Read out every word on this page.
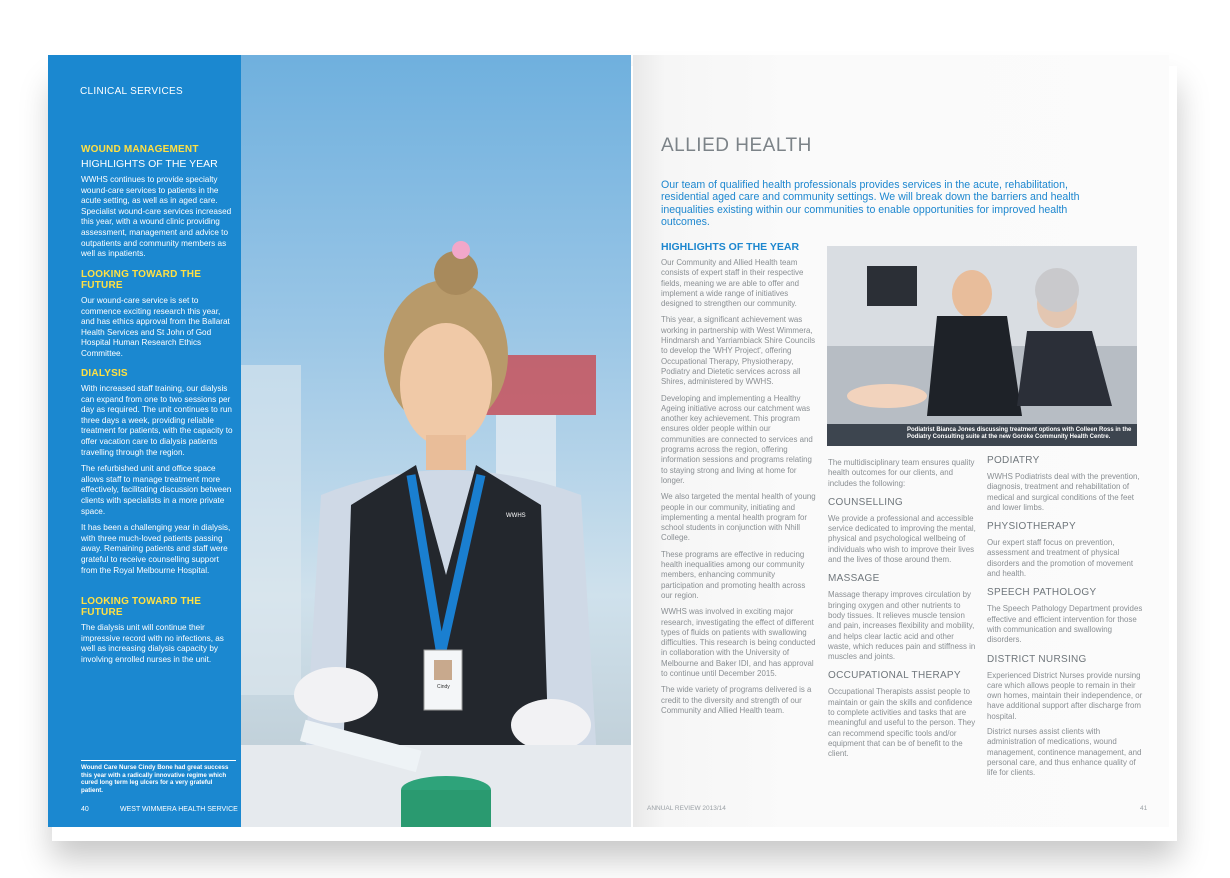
WWHS
Cindy
CLINICAL SERVICES

WOUND MANAGEMENT

HIGHLIGHTS OF THE YEAR

WWHS continues to provide specialty wound-care services to patients in the acute setting, as well as in aged care. Specialist wound-care services increased this year, with a wound clinic providing assessment, management and advice to outpatients and community members as well as inpatients.

LOOKING TOWARD THE FUTURE

Our wound-care service is set to commence exciting research this year, and has ethics approval from the Ballarat Health Services and St John of God Hospital Human Research Ethics Committee.

DIALYSIS

With increased staff training, our dialysis can expand from one to two sessions per day as required. The unit continues to run three days a week, providing reliable treatment for patients, with the capacity to offer vacation care to dialysis patients travelling through the region.

The refurbished unit and office space allows staff to manage treatment more effectively, facilitating discussion between clients with specialists in a more private space.

It has been a challenging year in dialysis, with three much-loved patients passing away. Remaining patients and staff were grateful to receive counselling support from the Royal Melbourne Hospital.

LOOKING TOWARD THE FUTURE

The dialysis unit will continue their impressive record with no infections, as well as increasing dialysis capacity by involving enrolled nurses in the unit.

Wound Care Nurse Cindy Bone had great success this year with a radically innovative regime which cured long term leg ulcers for a very grateful patient.
40	WEST WIMMERA HEALTH SERVICE
ALLIED HEALTH

Our team of qualified health professionals provides services in the acute, rehabilitation, residential aged care and community settings. We will break down the barriers and health inequalities existing within our communities to enable opportunities for improved health outcomes.

HIGHLIGHTS OF THE YEAR

Our Community and Allied Health team consists of expert staff in their respective fields, meaning we are able to offer and implement a wide range of initiatives designed to strengthen our community.

This year, a significant achievement was working in partnership with West Wimmera, Hindmarsh and Yarriambiack Shire Councils to develop the 'WHY Project', offering Occupational Therapy, Physiotherapy, Podiatry and Dietetic services across all Shires, administered by WWHS.

Developing and implementing a Healthy Ageing initiative across our catchment was another key achievement. This program ensures older people within our communities are connected to services and programs across the region, offering information sessions and programs relating to staying strong and living at home for longer.

We also targeted the mental health of young people in our community, initiating and implementing a mental health program for school students in conjunction with Nhill College.

These programs are effective in reducing health inequalities among our community members, enhancing community participation and promoting health across our region.

WWHS was involved in exciting major research, investigating the effect of different types of fluids on patients with swallowing difficulties. This research is being conducted in collaboration with the University of Melbourne and Baker IDI, and has approval to continue until December 2015.

The wide variety of programs delivered is a credit to the diversity and strength of our Community and Allied Health team.

Podiatrist Bianca Jones discussing treatment options with Colleen Ross in the Podiatry Consulting suite at the new Goroke Community Health Centre.

The multidisciplinary team ensures quality health outcomes for our clients, and includes the following:

COUNSELLING

We provide a professional and accessible service dedicated to improving the mental, physical and psychological wellbeing of individuals who wish to improve their lives and the lives of those around them.

MASSAGE

Massage therapy improves circulation by bringing oxygen and other nutrients to body tissues. It relieves muscle tension and pain, increases flexibility and mobility, and helps clear lactic acid and other waste, which reduces pain and stiffness in muscles and joints.

OCCUPATIONAL THERAPY

Occupational Therapists assist people to maintain or gain the skills and confidence to complete activities and tasks that are meaningful and useful to the person. They can recommend specific tools and/or equipment that can be of benefit to the client.

PODIATRY

WWHS Podiatrists deal with the prevention, diagnosis, treatment and rehabilitation of medical and surgical conditions of the feet and lower limbs.

PHYSIOTHERAPY

Our expert staff focus on prevention, assessment and treatment of physical disorders and the promotion of movement and health.

SPEECH PATHOLOGY

The Speech Pathology Department provides effective and efficient intervention for those with communication and swallowing disorders.

DISTRICT NURSING

Experienced District Nurses provide nursing care which allows people to remain in their own homes, maintain their independence, or have additional support after discharge from hospital.

District nurses assist clients with administration of medications, wound management, continence management, and personal care, and thus enhance quality of life for clients.

ANNUAL REVIEW 2013/14	41
